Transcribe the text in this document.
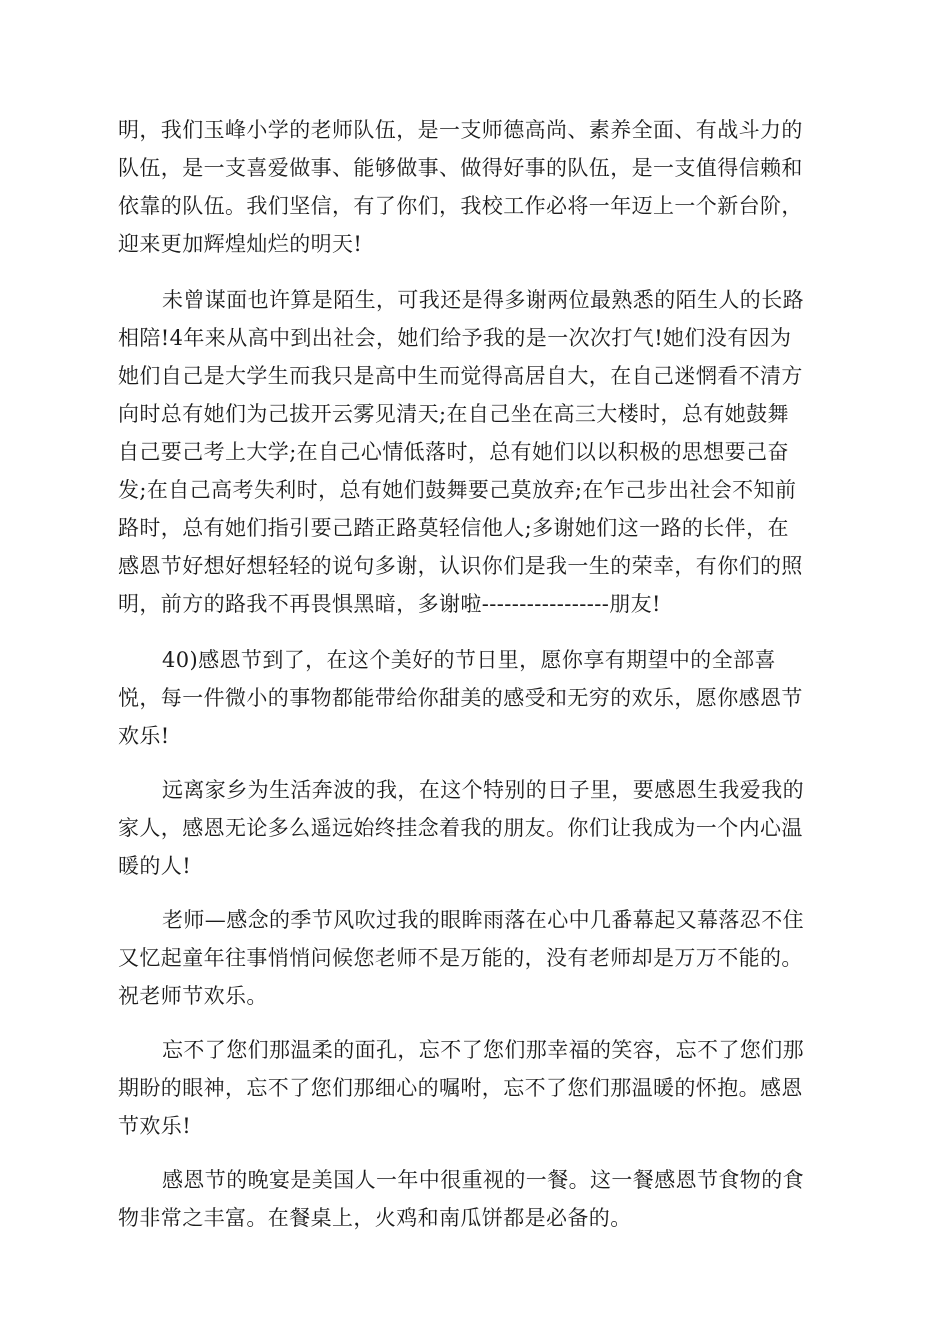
明，我们玉峰小学的老师队伍，是一支师德高尚、素养全面、有战斗力的
队伍，是一支喜爱做事、能够做事、做得好事的队伍，是一支值得信赖和
依靠的队伍。我们坚信，有了你们，我校工作必将一年迈上一个新台阶，
迎来更加辉煌灿烂的明天!
未曾谋面也许算是陌生，可我还是得多谢两位最熟悉的陌生人的长路
相陪!4年来从高中到出社会，她们给予我的是一次次打气!她们没有因为
她们自己是大学生而我只是高中生而觉得高居自大，在自己迷惘看不清方
向时总有她们为己拔开云雾见清天;在自己坐在高三大楼时，总有她鼓舞
自己要己考上大学;在自己心情低落时，总有她们以以积极的思想要己奋
发;在自己高考失利时，总有她们鼓舞要己莫放弃;在乍己步出社会不知前
路时，总有她们指引要己踏正路莫轻信他人;多谢她们这一路的长伴，在
感恩节好想好想轻轻的说句多谢，认识你们是我一生的荣幸，有你们的照
明，前方的路我不再畏惧黑暗，多谢啦-----------------朋友!
40)感恩节到了，在这个美好的节日里，愿你享有期望中的全部喜
悦，每一件微小的事物都能带给你甜美的感受和无穷的欢乐，愿你感恩节
欢乐!
远离家乡为生活奔波的我，在这个特别的日子里，要感恩生我爱我的
家人，感恩无论多么遥远始终挂念着我的朋友。你们让我成为一个内心温
暖的人!
老师—感念的季节风吹过我的眼眸雨落在心中几番幕起又幕落忍不住
又忆起童年往事悄悄问候您老师不是万能的，没有老师却是万万不能的。
祝老师节欢乐。
忘不了您们那温柔的面孔，忘不了您们那幸福的笑容，忘不了您们那
期盼的眼神，忘不了您们那细心的嘱咐，忘不了您们那温暖的怀抱。感恩
节欢乐!
感恩节的晚宴是美国人一年中很重视的一餐。这一餐感恩节食物的食
物非常之丰富。在餐桌上，火鸡和南瓜饼都是必备的。
